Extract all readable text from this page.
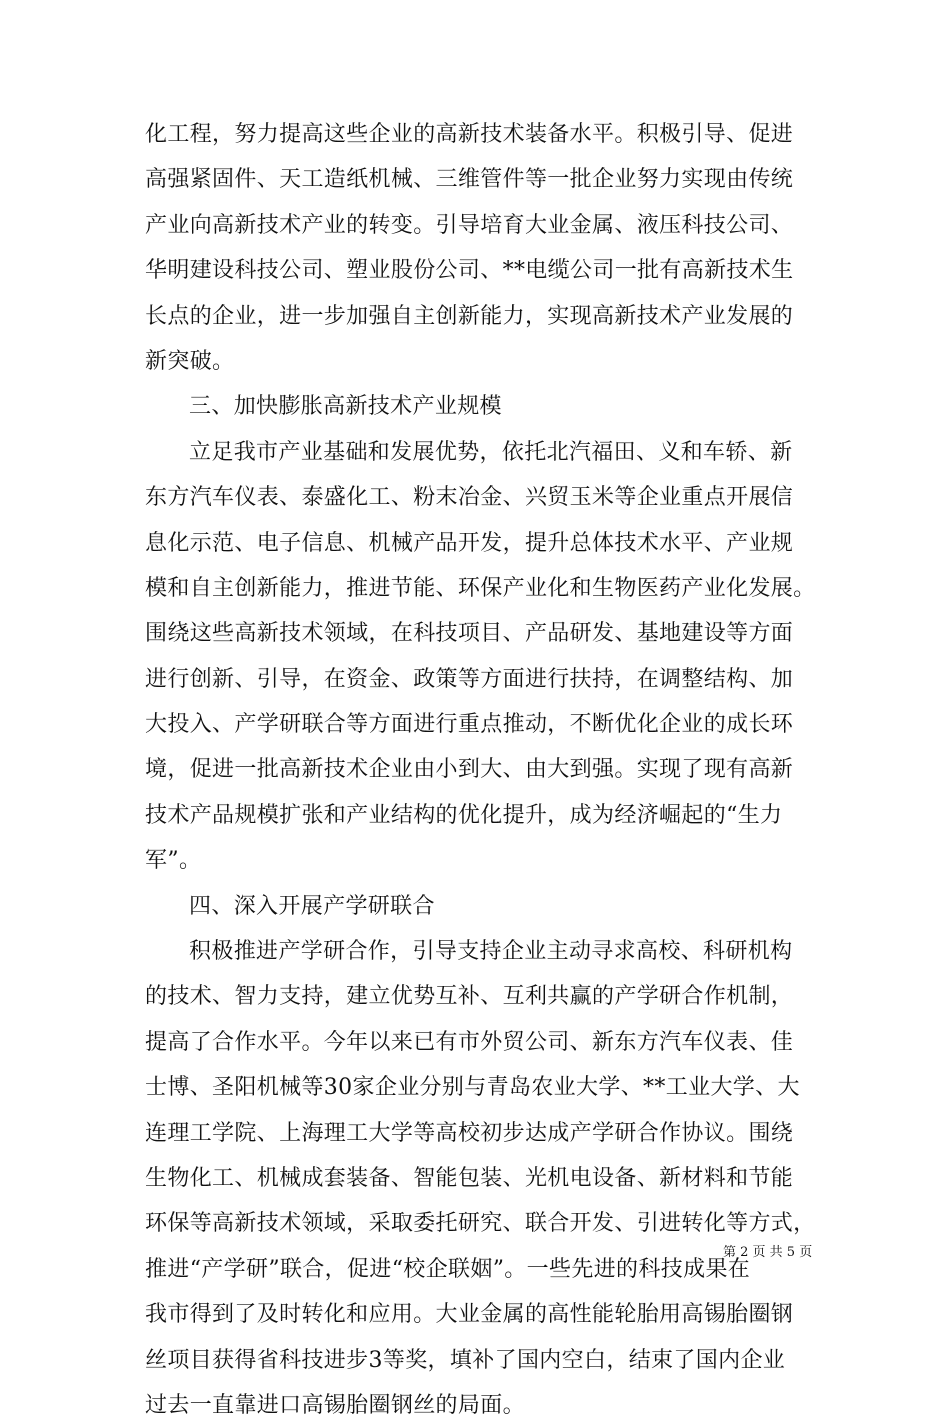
化工程，努力提高这些企业的高新技术装备水平。积极引导、促进
高强紧固件、天工造纸机械、三维管件等一批企业努力实现由传统
产业向高新技术产业的转变。引导培育大业金属、液压科技公司、
华明建设科技公司、塑业股份公司、**电缆公司一批有高新技术生
长点的企业，进一步加强自主创新能力，实现高新技术产业发展的
新突破。
三、加快膨胀高新技术产业规模
立足我市产业基础和发展优势，依托北汽福田、义和车轿、新
东方汽车仪表、泰盛化工、粉末冶金、兴贸玉米等企业重点开展信
息化示范、电子信息、机械产品开发，提升总体技术水平、产业规
模和自主创新能力，推进节能、环保产业化和生物医药产业化发展。
围绕这些高新技术领域，在科技项目、产品研发、基地建设等方面
进行创新、引导，在资金、政策等方面进行扶持，在调整结构、加
大投入、产学研联合等方面进行重点推动，不断优化企业的成长环
境，促进一批高新技术企业由小到大、由大到强。实现了现有高新
技术产品规模扩张和产业结构的优化提升，成为经济崛起的“生力
军”。
四、深入开展产学研联合
积极推进产学研合作，引导支持企业主动寻求高校、科研机构
的技术、智力支持，建立优势互补、互利共赢的产学研合作机制，
提高了合作水平。今年以来已有市外贸公司、新东方汽车仪表、佳
士博、圣阳机械等30家企业分别与青岛农业大学、**工业大学、大
连理工学院、上海理工大学等高校初步达成产学研合作协议。围绕
生物化工、机械成套装备、智能包装、光机电设备、新材料和节能
环保等高新技术领域，采取委托研究、联合开发、引进转化等方式，
推进“产学研”联合，促进“校企联姻”。一些先进的科技成果在
我市得到了及时转化和应用。大业金属的高性能轮胎用高锡胎圈钢
丝项目获得省科技进步3等奖，填补了国内空白，结束了国内企业
过去一直靠进口高锡胎圈钢丝的局面。
第 2 页 共 5 页
